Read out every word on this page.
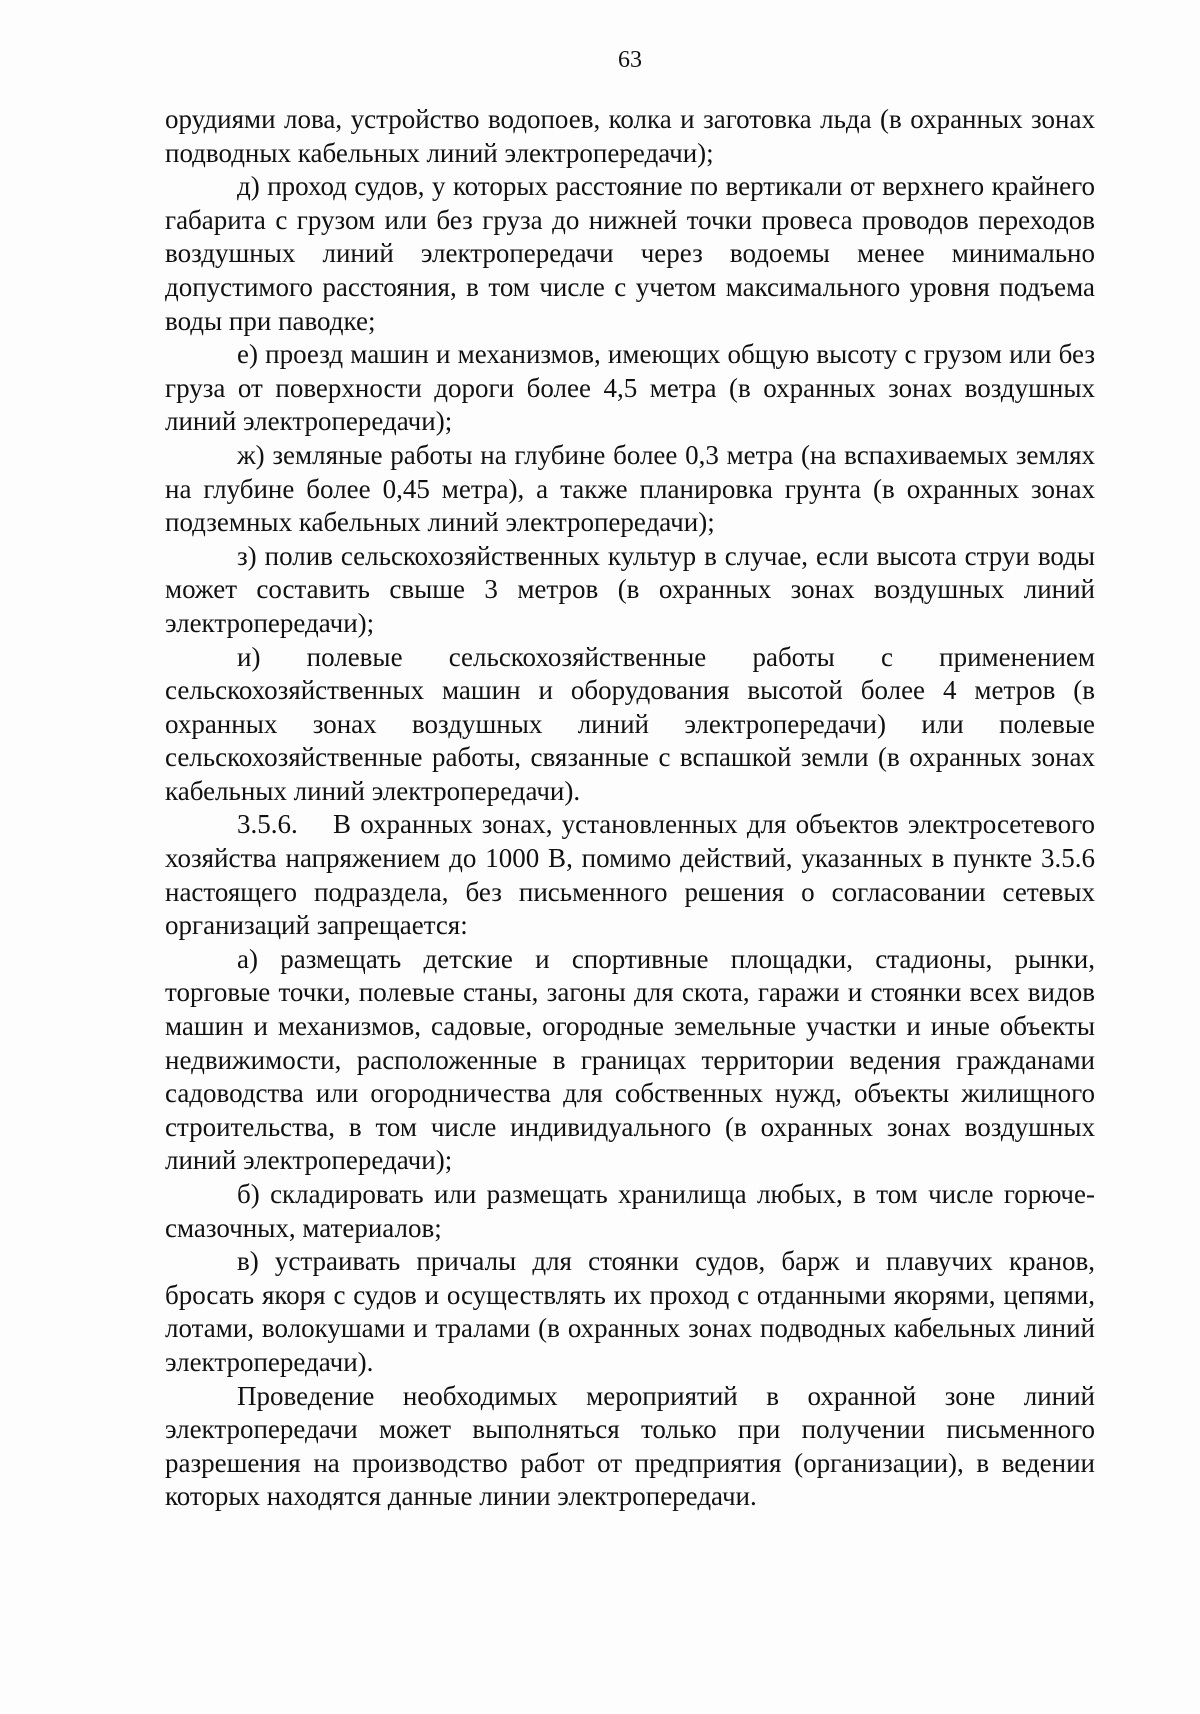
63

орудиями лова, устройство водопоев, колка и заготовка льда (в охранных зонах подводных кабельных линий электропередачи);

д) проход судов, у которых расстояние по вертикали от верхнего крайнего габарита с грузом или без груза до нижней точки провеса проводов переходов воздушных линий электропередачи через водоемы менее минимально допустимого расстояния, в том числе с учетом максимального уровня подъема воды при паводке;

е) проезд машин и механизмов, имеющих общую высоту с грузом или без груза от поверхности дороги более 4,5 метра (в охранных зонах воздушных линий электропередачи);

ж) земляные работы на глубине более 0,3 метра (на вспахиваемых землях на глубине более 0,45 метра), а также планировка грунта (в охранных зонах подземных кабельных линий электропередачи);

з) полив сельскохозяйственных культур в случае, если высота струи воды может составить свыше 3 метров (в охранных зонах воздушных линий электропередачи);

и) полевые сельскохозяйственные работы с применением сельскохозяйственных машин и оборудования высотой более 4 метров (в охранных зонах воздушных линий электропередачи) или полевые сельскохозяйственные работы, связанные с вспашкой земли (в охранных зонах кабельных линий электропередачи).

3.5.6. В охранных зонах, установленных для объектов электросетевого хозяйства напряжением до 1000 В, помимо действий, указанных в пункте 3.5.6 настоящего подраздела, без письменного решения о согласовании сетевых организаций запрещается:

а) размещать детские и спортивные площадки, стадионы, рынки, торговые точки, полевые станы, загоны для скота, гаражи и стоянки всех видов машин и механизмов, садовые, огородные земельные участки и иные объекты недвижимости, расположенные в границах территории ведения гражданами садоводства или огородничества для собственных нужд, объекты жилищного строительства, в том числе индивидуального (в охранных зонах воздушных линий электропередачи);

б) складировать или размещать хранилища любых, в том числе горюче-смазочных, материалов;

в) устраивать причалы для стоянки судов, барж и плавучих кранов, бросать якоря с судов и осуществлять их проход с отданными якорями, цепями, лотами, волокушами и тралами (в охранных зонах подводных кабельных линий электропередачи).

Проведение необходимых мероприятий в охранной зоне линий электропередачи может выполняться только при получении письменного разрешения на производство работ от предприятия (организации), в ведении которых находятся данные линии электропередачи.
